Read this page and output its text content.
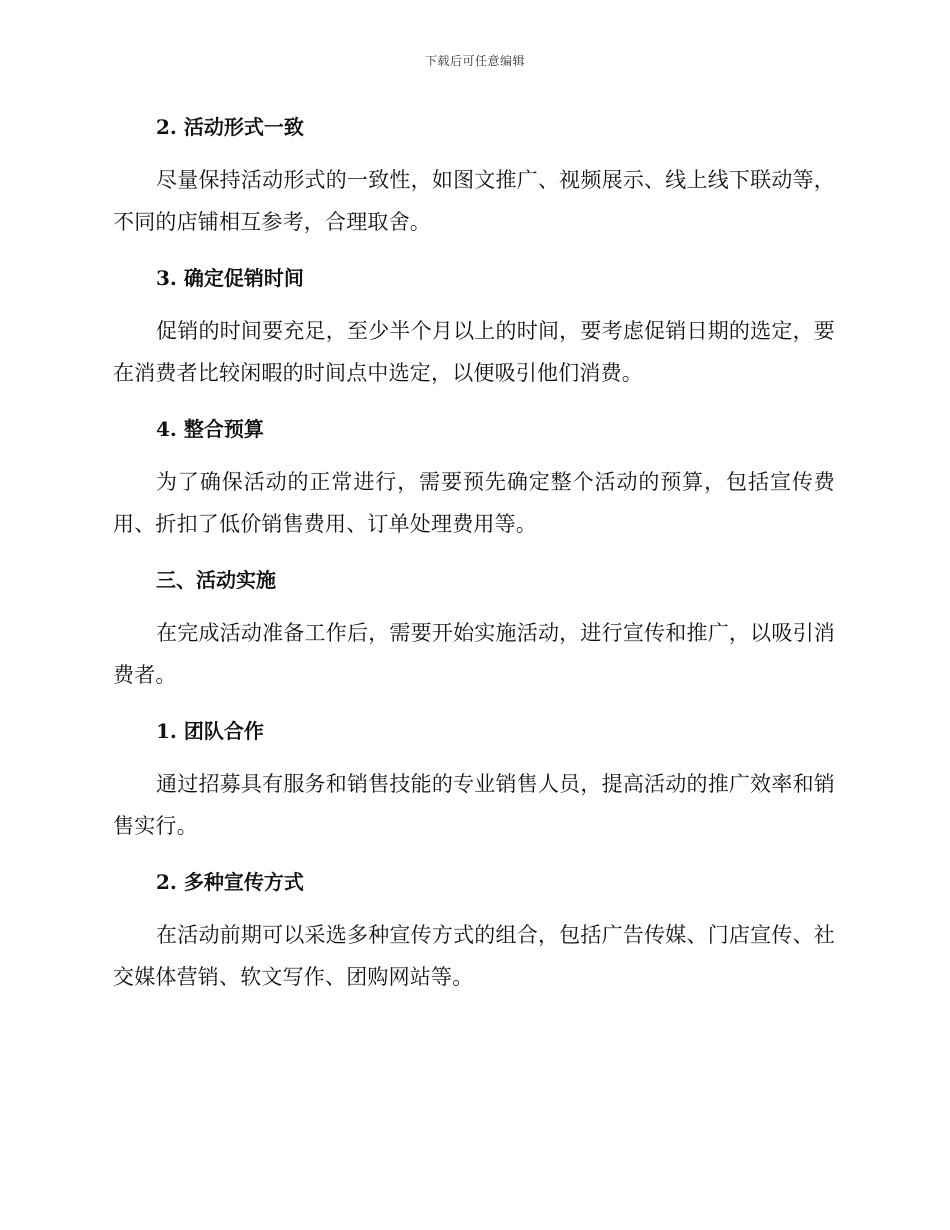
下载后可任意编辑

2. 活动形式一致

尽量保持活动形式的一致性，如图文推广、视频展示、线上线下联动等，不同的店铺相互参考，合理取舍。

3. 确定促销时间

促销的时间要充足，至少半个月以上的时间，要考虑促销日期的选定，要在消费者比较闲暇的时间点中选定，以便吸引他们消费。

4. 整合预算

为了确保活动的正常进行，需要预先确定整个活动的预算，包括宣传费用、折扣了低价销售费用、订单处理费用等。

三、活动实施

在完成活动准备工作后，需要开始实施活动，进行宣传和推广，以吸引消费者。

1. 团队合作

通过招募具有服务和销售技能的专业销售人员，提高活动的推广效率和销售实行。

2. 多种宣传方式

在活动前期可以采选多种宣传方式的组合，包括广告传媒、门店宣传、社交媒体营销、软文写作、团购网站等。
